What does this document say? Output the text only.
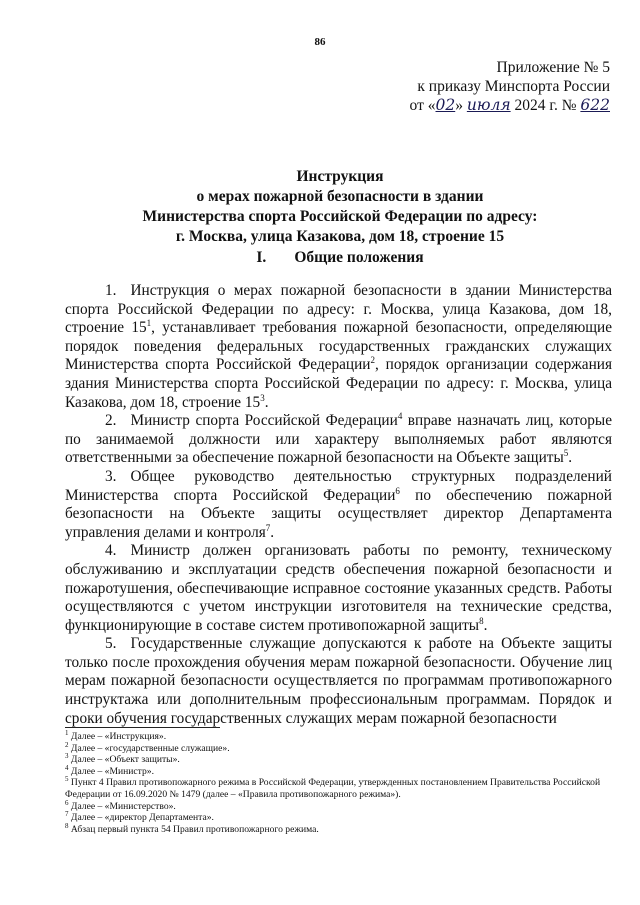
86
Приложение № 5
к приказу Минспорта России
от «02» июля 2024 г. № 622
Инструкция
о мерах пожарной безопасности в здании
Министерства спорта Российской Федерации по адресу:
г. Москва, улица Казакова, дом 18, строение 15
I. Общие положения

1. Инструкция о мерах пожарной безопасности в здании Министерства спорта Российской Федерации по адресу: г. Москва, улица Казакова, дом 18, строение $15^1$, устанавливает требования пожарной безопасности, определяющие порядок поведения федеральных государственных гражданских служащих Министерства спорта Российской Федерации$^2$, порядок организации содержания здания Министерства спорта Российской Федерации по адресу: г. Москва, улица Казакова, дом 18, строение $15^3$.

2. Министр спорта Российской Федерации$^4$ вправе назначать лиц, которые по занимаемой должности или характеру выполняемых работ являются ответственными за обеспечение пожарной безопасности на Объекте защиты$^5$.

3. Общее руководство деятельностью структурных подразделений Министерства спорта Российской Федерации$^6$ по обеспечению пожарной безопасности на Объекте защиты осуществляет директор Департамента управления делами и контроля$^7$.

4. Министр должен организовать работы по ремонту, техническому обслуживанию и эксплуатации средств обеспечения пожарной безопасности и пожаротушения, обеспечивающие исправное состояние указанных средств. Работы осуществляются с учетом инструкции изготовителя на технические средства, функционирующие в составе систем противопожарной защиты$^8$.

5. Государственные служащие допускаются к работе на Объекте защиты только после прохождения обучения мерам пожарной безопасности. Обучение лиц мерам пожарной безопасности осуществляется по программам противопожарного инструктажа или дополнительным профессиональным программам. Порядок и сроки обучения государственных служащих мерам пожарной безопасности

$^1$ Далее – «Инструкция».
$^2$ Далее – «государственные служащие».
$^3$ Далее – «Объект защиты».
$^4$ Далее – «Министр».
$^5$ Пункт 4 Правил противопожарного режима в Российской Федерации, утвержденных постановлением Правительства Российской Федерации от 16.09.2020 № 1479 (далее – «Правила противопожарного режима»).
$^6$ Далее – «Министерство».
$^7$ Далее – «директор Департамента».
$^8$ Абзац первый пункта 54 Правил противопожарного режима.
